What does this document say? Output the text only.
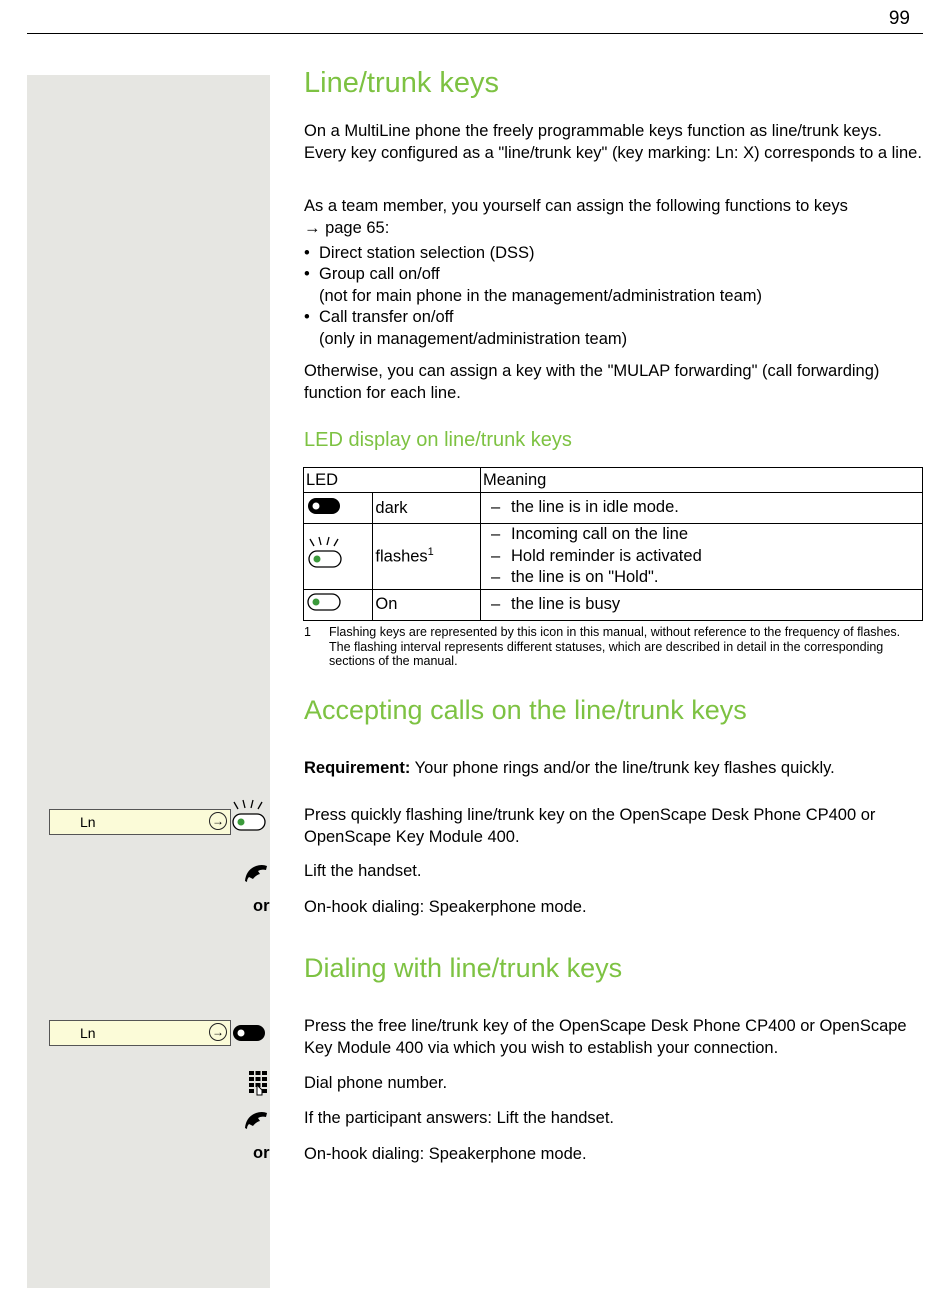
99
Line/trunk keys
On a MultiLine phone the freely programmable keys function as line/trunk keys. Every key configured as a "line/trunk key" (key marking: Ln: X) corresponds to a line.
As a team member, you yourself can assign the following functions to keys
→ page 65:
• Direct station selection (DSS)
• Group call on/off
(not for main phone in the management/administration team)
• Call transfer on/off
(only in management/administration team)
Otherwise, you can assign a key with the "MULAP forwarding" (call forwarding) function for each line.
LED display on line/trunk keys
LED		Meaning
	dark	– the line is in idle mode.

	flashes$^1$	– Incoming call on the line
– Hold reminder is activated
– the line is on "Hold".

	On	– the line is busy
1 Flashing keys are represented by this icon in this manual, without reference to the frequency of flashes. The flashing interval represents different statuses, which are described in detail in the corresponding sections of the manual.
Accepting calls on the line/trunk keys
Requirement: Your phone rings and/or the line/trunk key flashes quickly.
Ln	→	Press quickly flashing line/trunk key on the OpenScape Desk Phone CP400 or OpenScape Key Module 400.
Lift the handset.
or On-hook dialing: Speakerphone mode.
Dialing with line/trunk keys
Ln	→	Press the free line/trunk key of the OpenScape Desk Phone CP400 or OpenScape Key Module 400 via which you wish to establish your connection.
Dial phone number.
If the participant answers: Lift the handset.
or On-hook dialing: Speakerphone mode.
